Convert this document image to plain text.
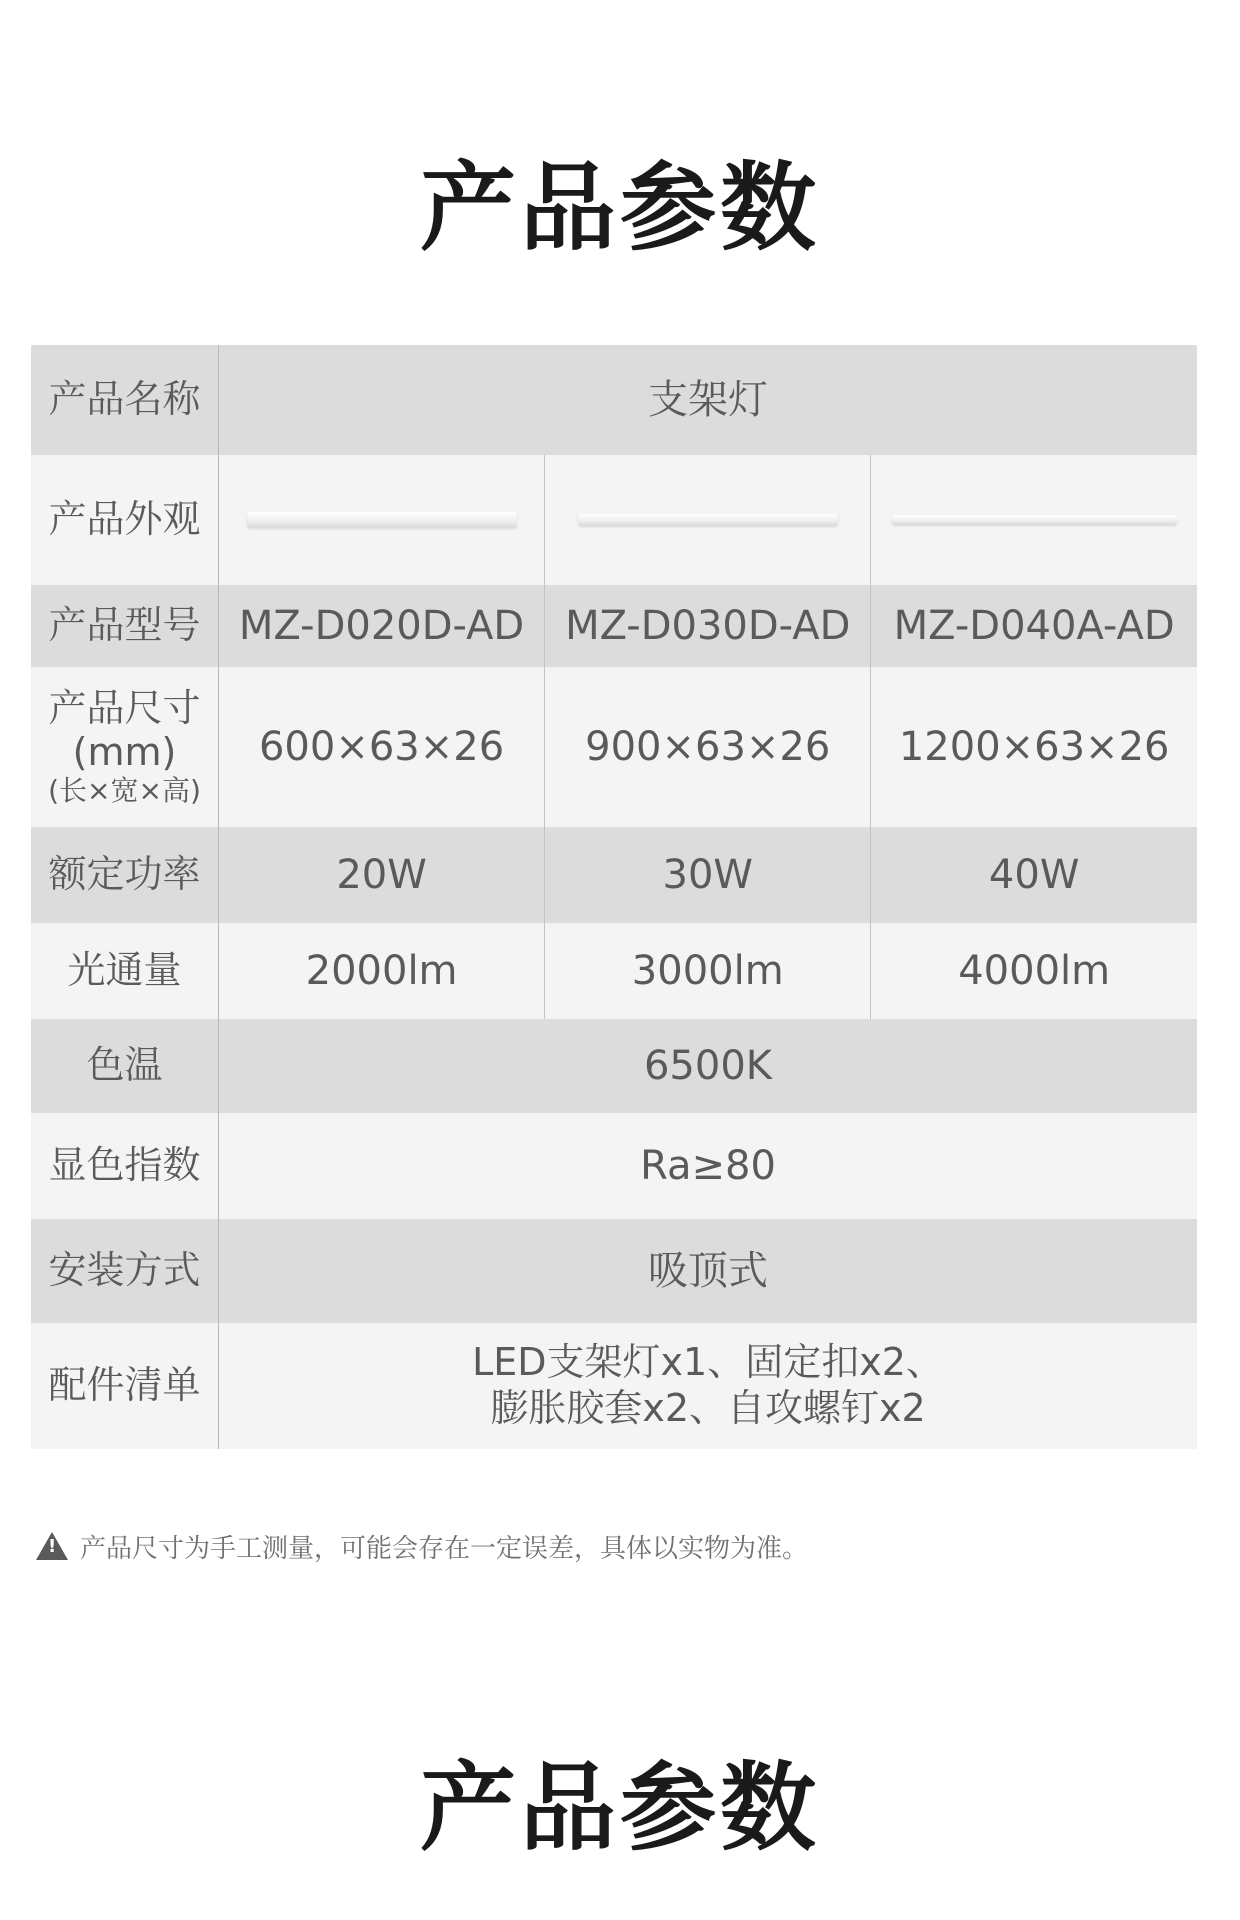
产品参数
产品名称	支架灯		
产品外观	

产品型号	MZ-D020D-AD	MZ-D030D-AD	MZ-D040A-AD

产品尺寸
(mm)
(长×宽×高)	600×63×26	900×63×26	1200×63×26
额定功率	20W	30W	40W
光通量	2000lm	3000lm	4000lm
色温	6500K		
显色指数	Ra≥80		
安装方式	吸顶式		
配件清单	LED支架灯x1、固定扣x2、
膨胀胶套x2、自攻螺钉x2		
!产品尺寸为手工测量，可能会存在一定误差，具体以实物为准。
产品参数
